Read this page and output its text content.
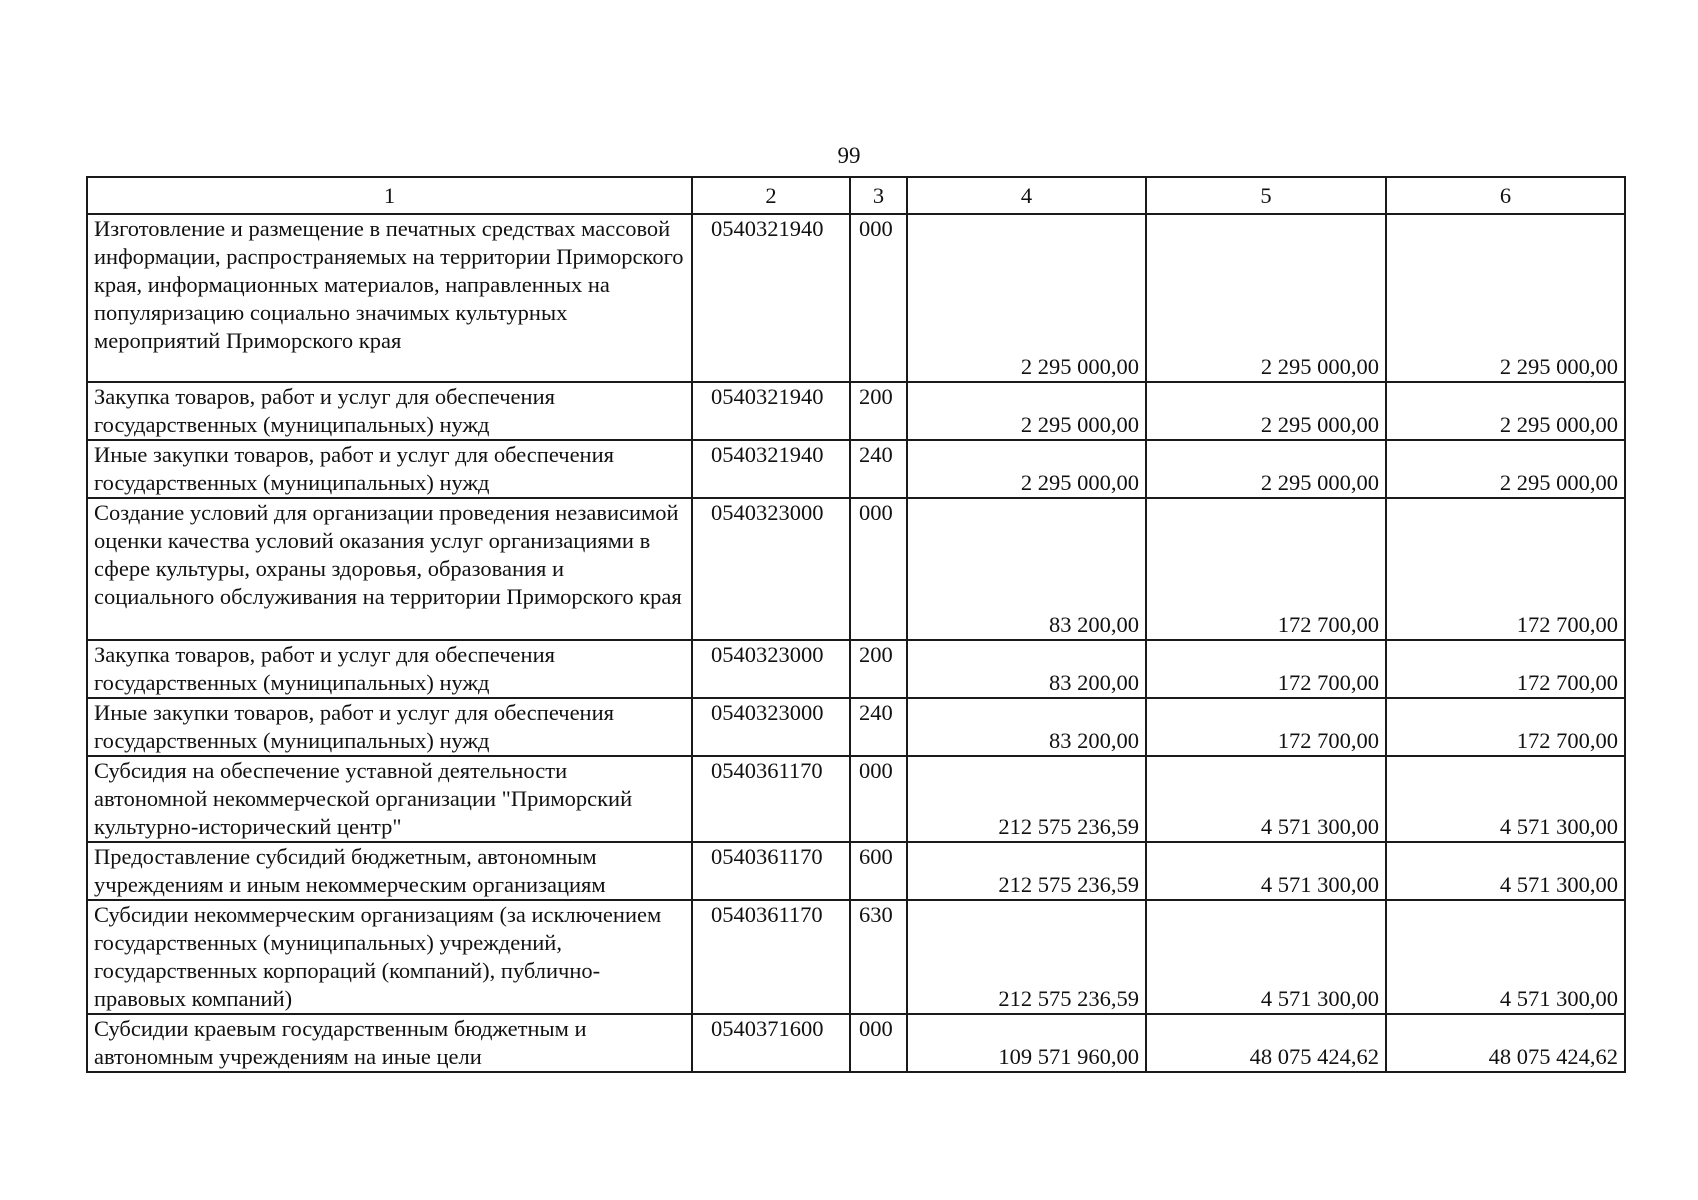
99
1	2	3	4	5	6
Изготовление и размещение в печатных средствах массовой информации, распространяемых на территории Приморского края, информационных материалов, направленных на популяризацию социально значимых культурных мероприятий Приморского края	0540321940	000	2 295 000,00	2 295 000,00	2 295 000,00
Закупка товаров, работ и услуг для обеспечения государственных (муниципальных) нужд	0540321940	200	2 295 000,00	2 295 000,00	2 295 000,00
Иные закупки товаров, работ и услуг для обеспечения государственных (муниципальных) нужд	0540321940	240	2 295 000,00	2 295 000,00	2 295 000,00
Создание условий для организации проведения независимой оценки качества условий оказания услуг организациями в сфере культуры, охраны здоровья, образования и социального обслуживания на территории Приморского края	0540323000	000	83 200,00	172 700,00	172 700,00
Закупка товаров, работ и услуг для обеспечения государственных (муниципальных) нужд	0540323000	200	83 200,00	172 700,00	172 700,00
Иные закупки товаров, работ и услуг для обеспечения государственных (муниципальных) нужд	0540323000	240	83 200,00	172 700,00	172 700,00
Субсидия на обеспечение уставной деятельности автономной некоммерческой организации "Приморский культурно-исторический центр"	0540361170	000	212 575 236,59	4 571 300,00	4 571 300,00
Предоставление субсидий бюджетным, автономным учреждениям и иным некоммерческим организациям	0540361170	600	212 575 236,59	4 571 300,00	4 571 300,00
Субсидии некоммерческим организациям (за исключением государственных (муниципальных) учреждений, государственных корпораций (компаний), публично-правовых компаний)	0540361170	630	212 575 236,59	4 571 300,00	4 571 300,00
Субсидии краевым государственным бюджетным и автономным учреждениям на иные цели	0540371600	000	109 571 960,00	48 075 424,62	48 075 424,62
